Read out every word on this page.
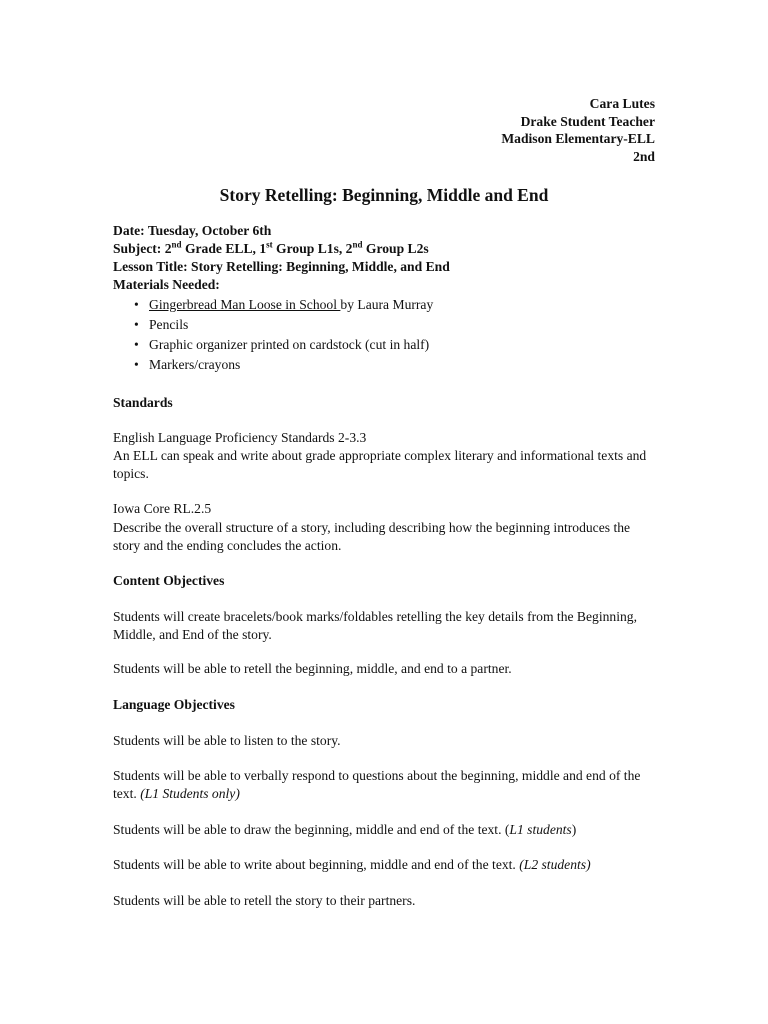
Cara Lutes
Drake Student Teacher
Madison Elementary-ELL
2nd
Story Retelling: Beginning, Middle and End
Date: Tuesday, October 6th
Subject: 2nd Grade ELL, 1st Group L1s, 2nd Group L2s
Lesson Title: Story Retelling: Beginning, Middle, and End
Materials Needed:
• Gingerbread Man Loose in School by Laura Murray
• Pencils
• Graphic organizer printed on cardstock (cut in half)
• Markers/crayons
Standards
English Language Proficiency Standards 2-3.3

An ELL can speak and write about grade appropriate complex literary and informational texts and topics.

Iowa Core RL.2.5

Describe the overall structure of a story, including describing how the beginning introduces the story and the ending concludes the action.

Content Objectives

Students will create bracelets/book marks/foldables retelling the key details from the Beginning, Middle, and End of the story.

Students will be able to retell the beginning, middle, and end to a partner.

Language Objectives

Students will be able to listen to the story.

Students will be able to verbally respond to questions about the beginning, middle and end of the text. (L1 Students only)

Students will be able to draw the beginning, middle and end of the text. (L1 students)

Students will be able to write about beginning, middle and end of the text. (L2 students)

Students will be able to retell the story to their partners.
